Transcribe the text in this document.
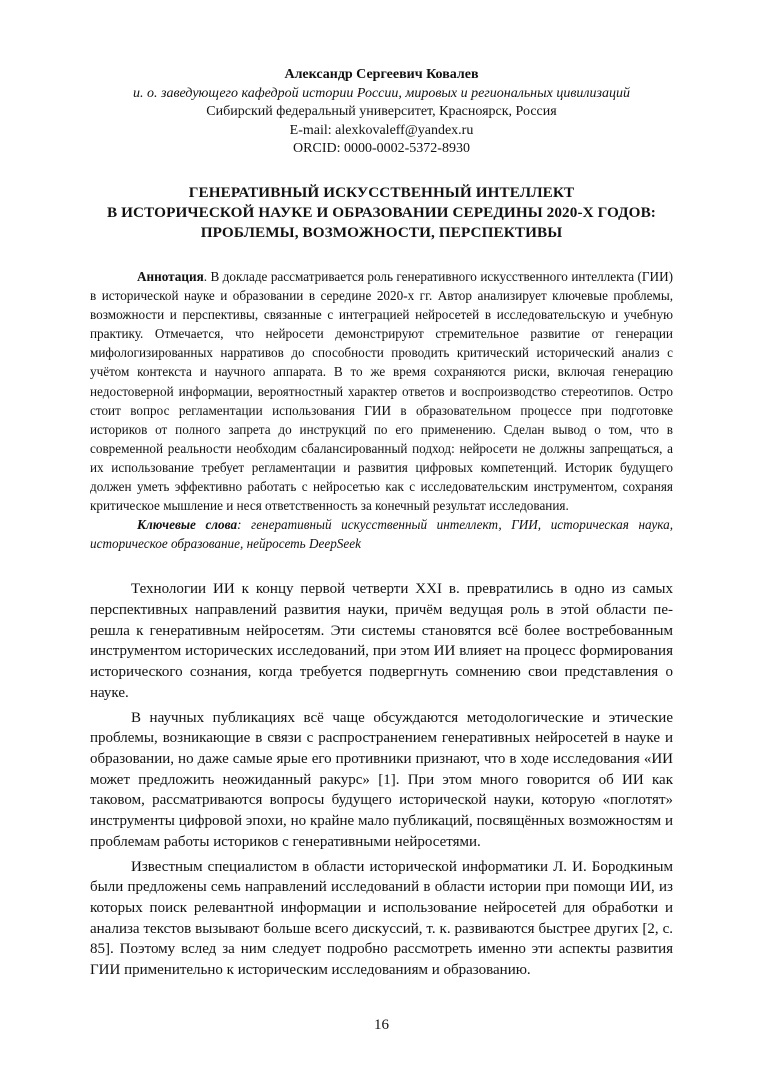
Александр Сергеевич Ковалев
и. о. заведующего кафедрой истории России, мировых и региональных цивилизаций
Сибирский федеральный университет, Красноярск, Россия
E-mail: alexkovaleff@yandex.ru
ORCID: 0000-0002-5372-8930
ГЕНЕРАТИВНЫЙ ИСКУССТВЕННЫЙ ИНТЕЛЛЕКТ
В ИСТОРИЧЕСКОЙ НАУКЕ И ОБРАЗОВАНИИ СЕРЕДИНЫ 2020-Х ГОДОВ:
ПРОБЛЕМЫ, ВОЗМОЖНОСТИ, ПЕРСПЕКТИВЫ
Аннотация. В докладе рассматривается роль генеративного искусственного интеллекта (ГИИ) в исторической науке и образовании в середине 2020-х гг. Автор анализирует ключевые проблемы, возможности и перспективы, связанные с интеграцией нейросетей в исследовательскую и учебную практику. Отмечается, что нейросети демонстрируют стремительное развитие от генерации мифологизированных нарративов до способности проводить критический исторический анализ с учётом контекста и научного аппарата. В то же время сохраняются риски, включая генерацию недостоверной информации, вероятностный характер ответов и воспроизводство стереотипов. Остро стоит вопрос регламентации использования ГИИ в образовательном процессе при подготовке историков от полного запрета до инструкций по его применению. Сделан вывод о том, что в современной реальности необходим сбалансированный подход: нейросети не должны запрещаться, а их использование требует регламентации и развития цифровых компетенций. Историк будущего должен уметь эффективно работать с нейросетью как с исследовательским инструментом, сохраняя критическое мышление и неся ответственность за конечный результат исследования.
Ключевые слова: генеративный искусственный интеллект, ГИИ, историческая наука, историческое образование, нейросеть DeepSeek

Технологии ИИ к концу первой четверти XXI в. превратились в одно из самых перспективных направлений развития науки, причём ведущая роль в этой области перешла к генеративным нейросетям. Эти системы становятся всё более востребованным инструментом исторических исследований, при этом ИИ влияет на процесс формирования исторического сознания, когда требуется подвергнуть сомнению свои представления о науке.

В научных публикациях всё чаще обсуждаются методологические и этические проблемы, возникающие в связи с распространением генеративных нейросетей в науке и образовании, но даже самые ярые его противники признают, что в ходе исследования «ИИ может предложить неожиданный ракурс» [1]. При этом много говорится об ИИ как таковом, рассматриваются вопросы будущего исторической науки, которую «поглотят» инструменты цифровой эпохи, но крайне мало публикаций, посвящённых возможностям и проблемам работы историков с генеративными нейросетями.

Известным специалистом в области исторической информатики Л. И. Бородкиным были предложены семь направлений исследований в области истории при помощи ИИ, из которых поиск релевантной информации и использование нейросетей для обработки и анализа текстов вызывают больше всего дискуссий, т. к. развиваются быстрее других [2, с. 85]. Поэтому вслед за ним следует подробно рассмотреть именно эти аспекты развития ГИИ применительно к историческим исследованиям и образованию.

16
